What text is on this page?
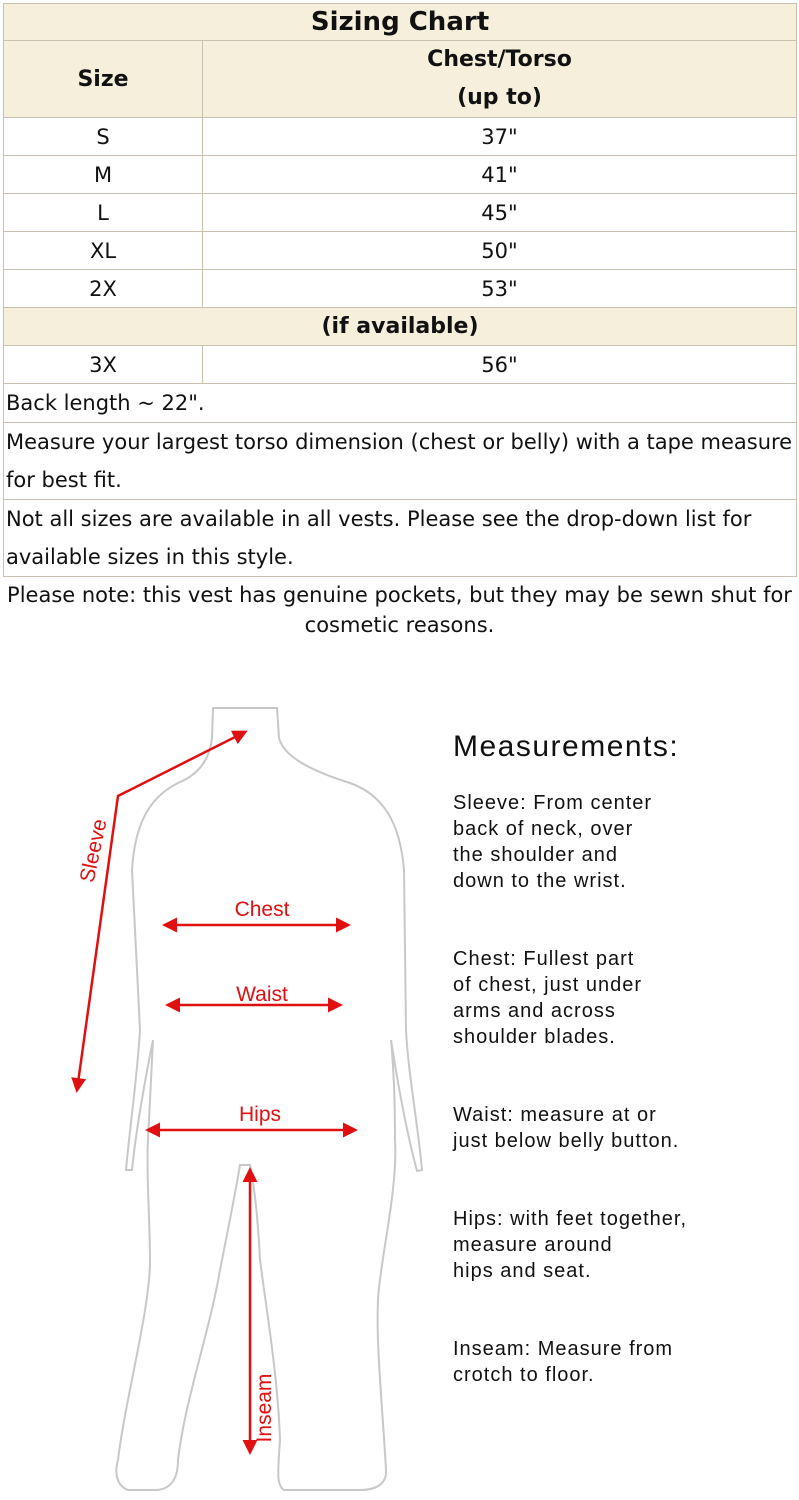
Sizing Chart	
Size	Chest/Torso
(up to)

S	37"
M	41"
L	45"
XL	50"
2X	53"
(if available)	
3X	56"
Back length ~ 22".	
Measure your largest torso dimension (chest or belly) with a tape measure for best fit.	
Not all sizes are available in all vests. Please see the drop-down list for available sizes in this style.	
Please note: this vest has genuine pockets, but they may be sewn shut for cosmetic reasons.
Sleeve
Chest
Waist
Hips
Inseam
Measurements:
Sleeve: From center
back of neck, over
the shoulder and
down to the wrist.
Chest: Fullest part
of chest, just under
arms and across
shoulder blades.
Waist: measure at or
just below belly button.
Hips: with feet together,
measure around
hips and seat.
Inseam: Measure from
crotch to floor.
